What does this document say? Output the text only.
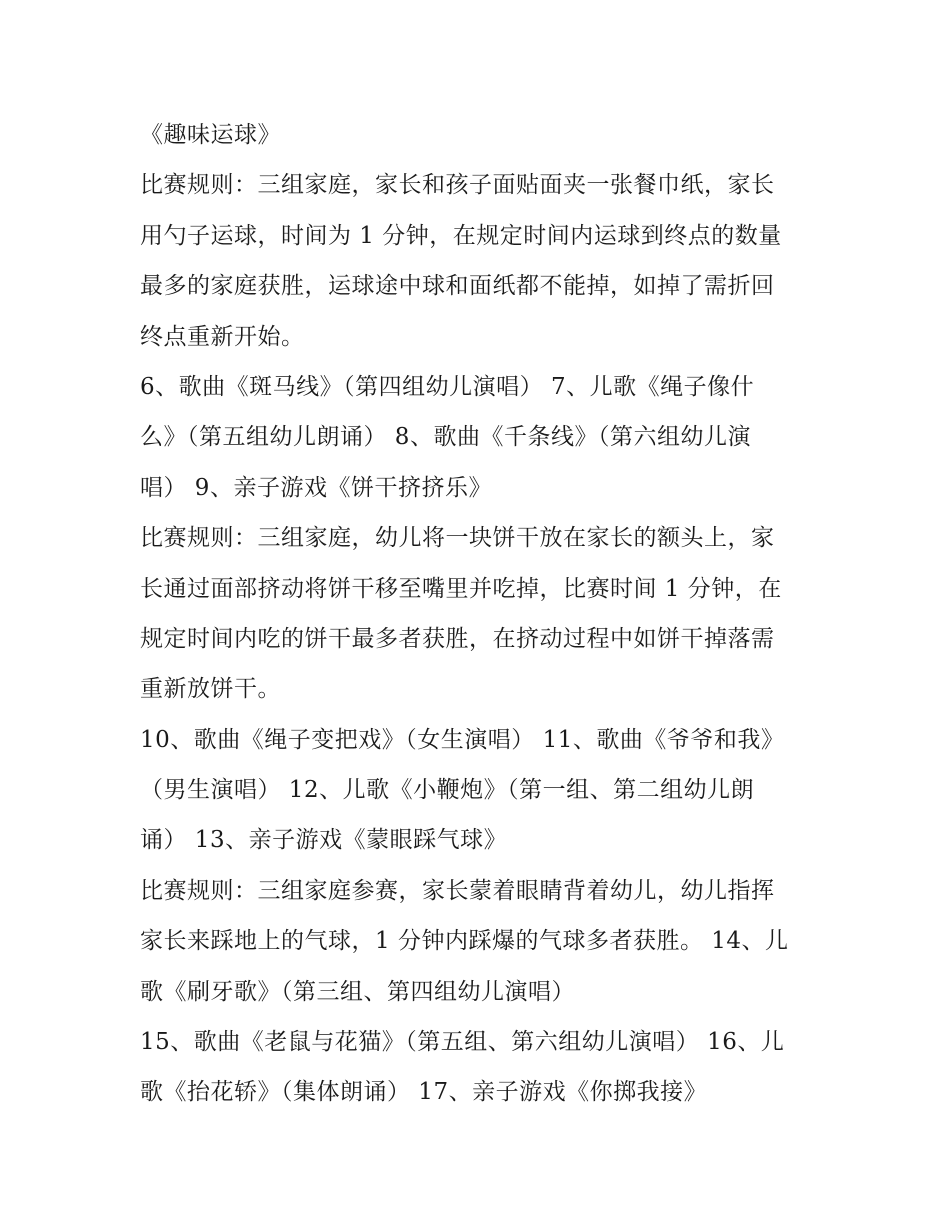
《趣味运球》
比赛规则：三组家庭，家长和孩子面贴面夹一张餐巾纸，家长
用勺子运球，时间为 1 分钟，在规定时间内运球到终点的数量
最多的家庭获胜，运球途中球和面纸都不能掉，如掉了需折回
终点重新开始。
6、歌曲《斑马线》（第四组幼儿演唱） 7、儿歌《绳子像什
么》（第五组幼儿朗诵） 8、歌曲《千条线》（第六组幼儿演
唱） 9、亲子游戏《饼干挤挤乐》
比赛规则：三组家庭，幼儿将一块饼干放在家长的额头上，家
长通过面部挤动将饼干移至嘴里并吃掉，比赛时间 1 分钟，在
规定时间内吃的饼干最多者获胜，在挤动过程中如饼干掉落需
重新放饼干。
10、歌曲《绳子变把戏》（女生演唱） 11、歌曲《爷爷和我》
（男生演唱） 12、儿歌《小鞭炮》（第一组、第二组幼儿朗
诵） 13、亲子游戏《蒙眼踩气球》
比赛规则：三组家庭参赛，家长蒙着眼睛背着幼儿，幼儿指挥
家长来踩地上的气球，1 分钟内踩爆的气球多者获胜。 14、儿
歌《刷牙歌》（第三组、第四组幼儿演唱）
15、歌曲《老鼠与花猫》（第五组、第六组幼儿演唱） 16、儿
歌《抬花轿》（集体朗诵） 17、亲子游戏《你掷我接》
